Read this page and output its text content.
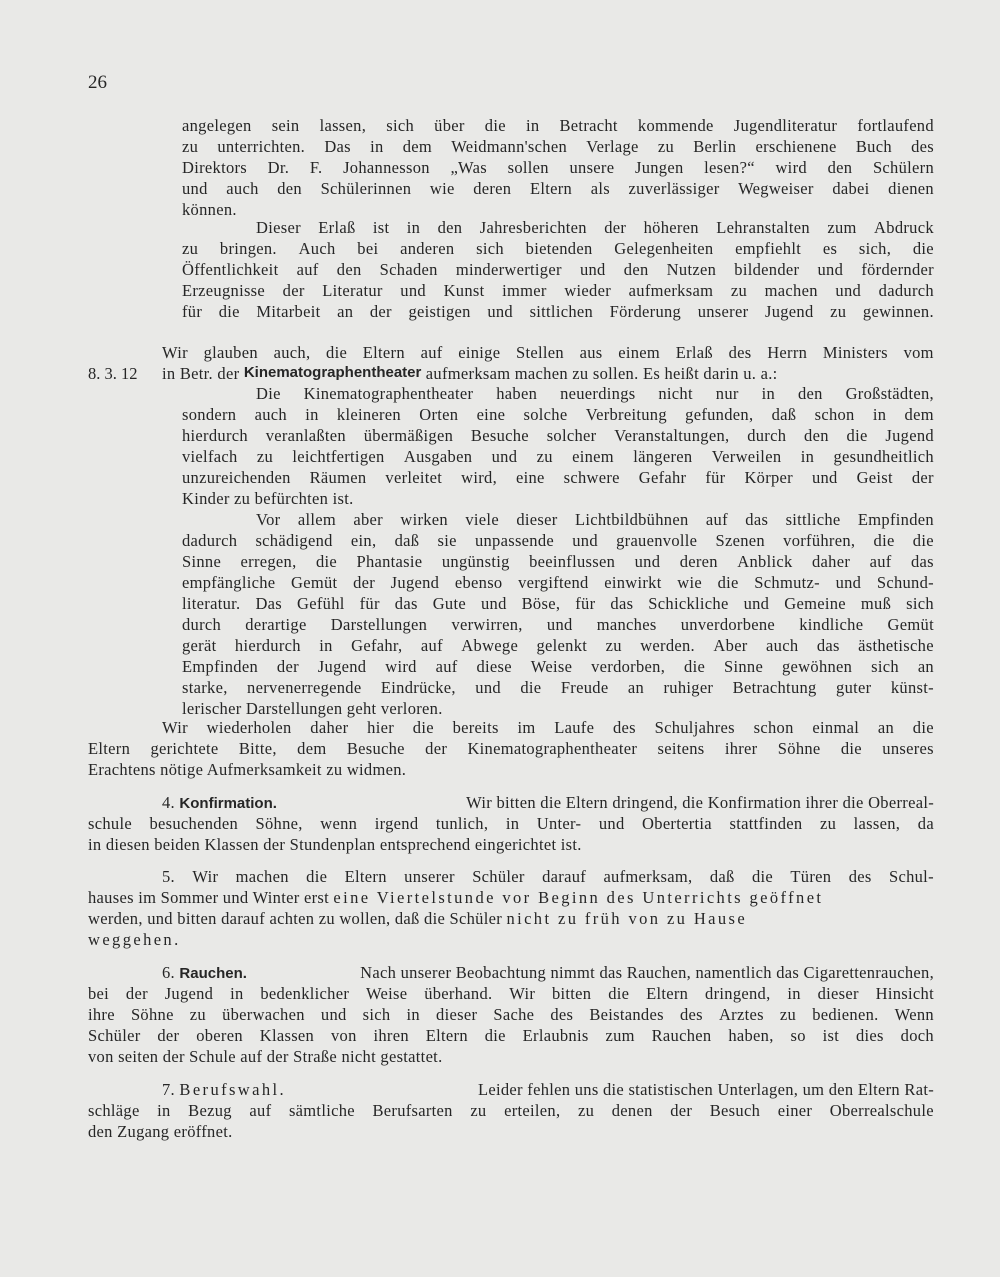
26
angelegen sein lassen, sich über die in Betracht kommende Jugendliteratur fortlaufend
zu unterrichten. Das in dem Weidmann'schen Verlage zu Berlin erschienene Buch des
Direktors Dr. F. Johannesson „Was sollen unsere Jungen lesen?“ wird den Schülern
und auch den Schülerinnen wie deren Eltern als zuverlässiger Wegweiser dabei dienen
können.
Dieser Erlaß ist in den Jahresberichten der höheren Lehranstalten zum Abdruck
zu bringen. Auch bei anderen sich bietenden Gelegenheiten empfiehlt es sich, die
Öffentlichkeit auf den Schaden minderwertiger und den Nutzen bildender und fördernder
Erzeugnisse der Literatur und Kunst immer wieder aufmerksam zu machen und dadurch
für die Mitarbeit an der geistigen und sittlichen Förderung unserer Jugend zu gewinnen.
Wir glauben auch, die Eltern auf einige Stellen aus einem Erlaß des Herrn Ministers vom
8. 3. 12 in Betr. der
Kinematographentheater
aufmerksam machen zu sollen. Es heißt darin u. a.:
Die Kinematographentheater haben neuerdings nicht nur in den Großstädten,
sondern auch in kleineren Orten eine solche Verbreitung gefunden, daß schon in dem
hierdurch veranlaßten übermäßigen Besuche solcher Veranstaltungen, durch den die Jugend
vielfach zu leichtfertigen Ausgaben und zu einem längeren Verweilen in gesundheitlich
unzureichenden Räumen verleitet wird, eine schwere Gefahr für Körper und Geist der
Kinder zu befürchten ist.
Vor allem aber wirken viele dieser Lichtbildbühnen auf das sittliche Empfinden
dadurch schädigend ein, daß sie unpassende und grauenvolle Szenen vorführen, die die
Sinne erregen, die Phantasie ungünstig beeinflussen und deren Anblick daher auf das
empfängliche Gemüt der Jugend ebenso vergiftend einwirkt wie die Schmutz- und Schund-
literatur. Das Gefühl für das Gute und Böse, für das Schickliche und Gemeine muß sich
durch derartige Darstellungen verwirren, und manches unverdorbene kindliche Gemüt
gerät hierdurch in Gefahr, auf Abwege gelenkt zu werden. Aber auch das ästhetische
Empfinden der Jugend wird auf diese Weise verdorben, die Sinne gewöhnen sich an
starke, nervenerregende Eindrücke, und die Freude an ruhiger Betrachtung guter künst-
lerischer Darstellungen geht verloren.
Wir wiederholen daher hier die bereits im Laufe des Schuljahres schon einmal an die
Eltern gerichtete Bitte, dem Besuche der Kinematographentheater seitens ihrer Söhne die unseres
Erachtens nötige Aufmerksamkeit zu widmen.
4. Konfirmation.	Wir bitten die Eltern dringend, die Konfirmation ihrer die Oberreal-
schule besuchenden Söhne, wenn irgend tunlich, in Unter- und Obertertia stattfinden zu lassen, da
in diesen beiden Klassen der Stundenplan entsprechend eingerichtet ist.
5. Wir machen die Eltern unserer Schüler darauf aufmerksam, daß die Türen des Schul-
hauses im Sommer und Winter erst
eine Viertelstunde vor Beginn des Unterrichts geöffnet
werden, und bitten darauf achten zu wollen, daß die Schüler
nicht zu früh von zu Hause
weggehen.
6. Rauchen.	Nach unserer Beobachtung nimmt das Rauchen, namentlich das Cigarettenrauchen,
bei der Jugend in bedenklicher Weise überhand. Wir bitten die Eltern dringend, in dieser Hinsicht
ihre Söhne zu überwachen und sich in dieser Sache des Beistandes des Arztes zu bedienen. Wenn
Schüler der oberen Klassen von ihren Eltern die Erlaubnis zum Rauchen haben, so ist dies doch
von seiten der Schule auf der Straße nicht gestattet.
7. Berufswahl.	Leider fehlen uns die statistischen Unterlagen, um den Eltern Rat-
schläge in Bezug auf sämtliche Berufsarten zu erteilen, zu denen der Besuch einer Oberrealschule
den Zugang eröffnet.
